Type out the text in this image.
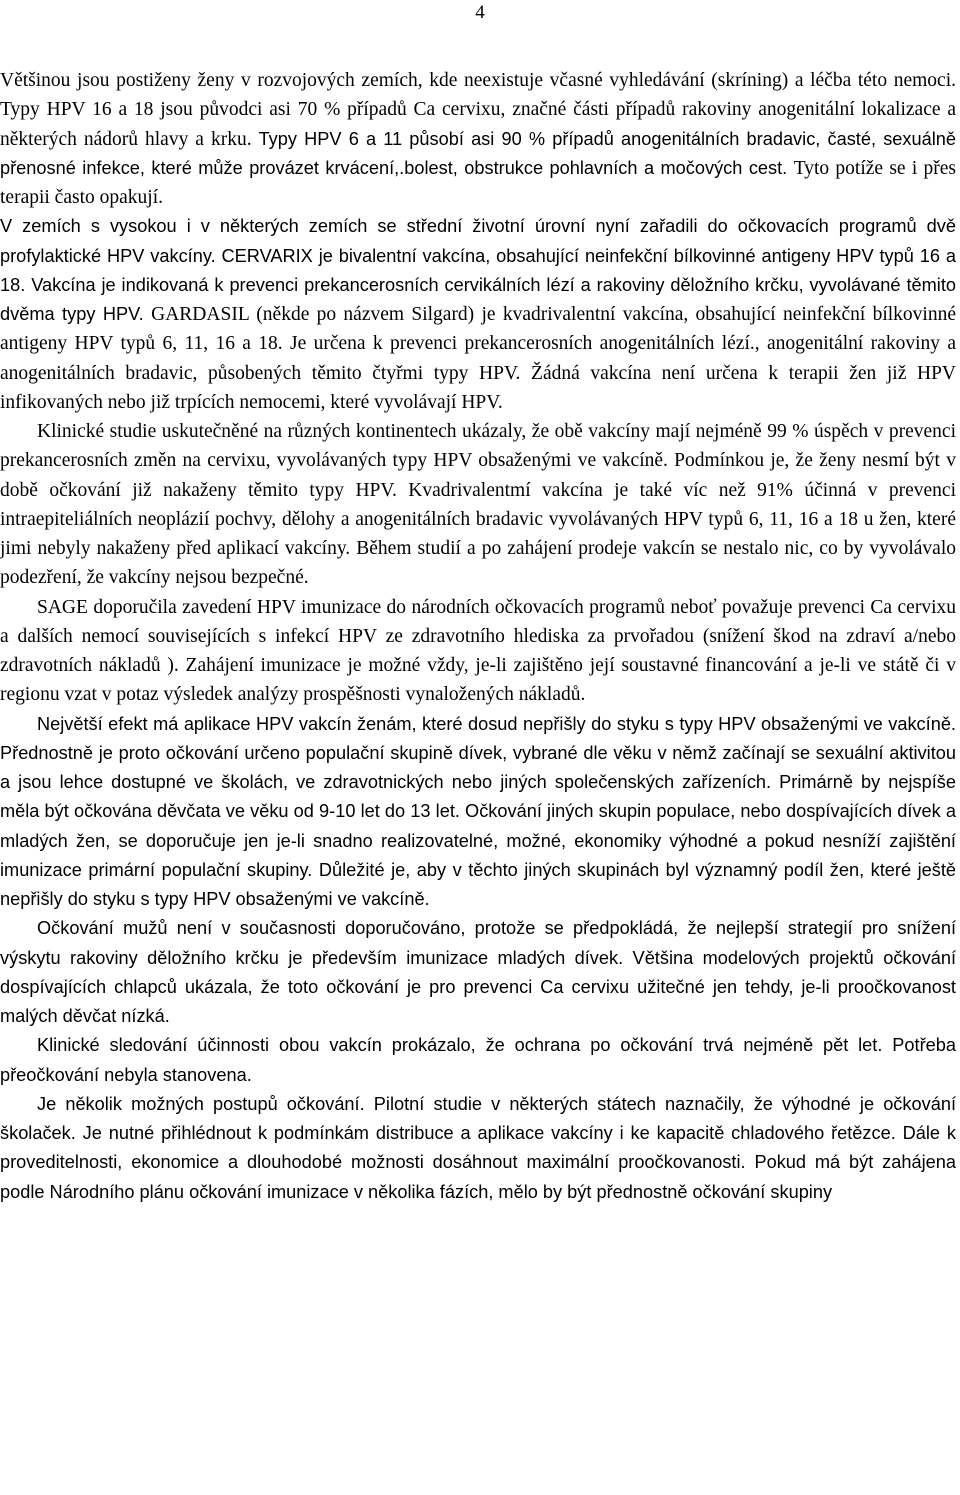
4

Většinou jsou postiženy ženy v rozvojových zemích, kde neexistuje včasné vyhledávání (skríning) a léčba této nemoci. Typy HPV 16 a 18 jsou původci asi 70 % případů Ca cervixu, značné části případů rakoviny anogenitální lokalizace a některých nádorů hlavy a krku. Typy HPV 6 a 11 působí asi 90 % případů anogenitálních bradavic, časté, sexuálně přenosné infekce, které může provázet krvácení,.bolest, obstrukce pohlavních a močových cest. Tyto potíže se i přes terapii často opakují.

V zemích s vysokou i v některých zemích se střední životní úrovní nyní zařadili do očkovacích programů dvě profylaktické HPV vakcíny. CERVARIX je bivalentní vakcína, obsahující neinfekční bílkovinné antigeny HPV typů 16 a 18. Vakcína je indikovaná k prevenci prekancerosních cervikálních lézí a rakoviny děložního krčku, vyvolávané těmito dvěma typy HPV. GARDASIL (někde po názvem Silgard) je kvadrivalentní vakcína, obsahující neinfekční bílkovinné antigeny HPV typů 6, 11, 16 a 18. Je určena k prevenci prekancerosních anogenitálních lézí., anogenitální rakoviny a anogenitálních bradavic, působených těmito čtyřmi typy HPV. Žádná vakcína není určena k terapii žen již HPV infikovaných nebo již trpících nemocemi, které vyvolávají HPV.

Klinické studie uskutečněné na různých kontinentech ukázaly, že obě vakcíny mají nejméně 99 % úspěch v prevenci prekancerosních změn na cervixu, vyvolávaných typy HPV obsaženými ve vakcíně. Podmínkou je, že ženy nesmí být v době očkování již nakaženy těmito typy HPV. Kvadrivalentmí vakcína je také víc než 91% účinná v prevenci intraepiteliálních neoplázií pochvy, dělohy a anogenitálních bradavic vyvolávaných HPV typů 6, 11, 16 a 18 u žen, které jimi nebyly nakaženy před aplikací vakcíny. Během studií a po zahájení prodeje vakcín se nestalo nic, co by vyvolávalo podezření, že vakcíny nejsou bezpečné.

SAGE doporučila zavedení HPV imunizace do národních očkovacích programů neboť považuje prevenci Ca cervixu a dalších nemocí souvisejících s infekcí HPV ze zdravotního hlediska za prvořadou (snížení škod na zdraví a/nebo zdravotních nákladů ). Zahájení imunizace je možné vždy, je-li zajištěno její soustavné financování a je-li ve státě či v regionu vzat v potaz výsledek analýzy prospěšnosti vynaložených nákladů.

Největší efekt má aplikace HPV vakcín ženám, které dosud nepřišly do styku s typy HPV obsaženými ve vakcíně. Přednostně je proto očkování určeno populační skupině dívek, vybrané dle věku v němž začínají se sexuální aktivitou a jsou lehce dostupné ve školách, ve zdravotnických nebo jiných společenských zařízeních. Primárně by nejspíše měla být očkována děvčata ve věku od 9-10 let do 13 let. Očkování jiných skupin populace, nebo dospívajících dívek a mladých žen, se doporučuje jen je-li snadno realizovatelné, možné, ekonomiky výhodné a pokud nesníží zajištění imunizace primární populační skupiny. Důležité je, aby v těchto jiných skupinách byl významný podíl žen, které ještě nepřišly do styku s typy HPV obsaženými ve vakcíně.

Očkování mužů není v současnosti doporučováno, protože se předpokládá, že nejlepší strategií pro snížení výskytu rakoviny děložního krčku je především imunizace mladých dívek. Většina modelových projektů očkování dospívajících chlapců ukázala, že toto očkování je pro prevenci Ca cervixu užitečné jen tehdy, je-li proočkovanost malých děvčat nízká.

Klinické sledování účinnosti obou vakcín prokázalo, že ochrana po očkování trvá nejméně pět let. Potřeba přeočkování nebyla stanovena.

Je několik možných postupů očkování. Pilotní studie v některých státech naznačily, že výhodné je očkování školaček. Je nutné přihlédnout k podmínkám distribuce a aplikace vakcíny i ke kapacitě chladového řetězce. Dále k proveditelnosti, ekonomice a dlouhodobé možnosti dosáhnout maximální proočkovanosti. Pokud má být zahájena podle Národního plánu očkování imunizace v několika fázích, mělo by být přednostně očkování skupiny
